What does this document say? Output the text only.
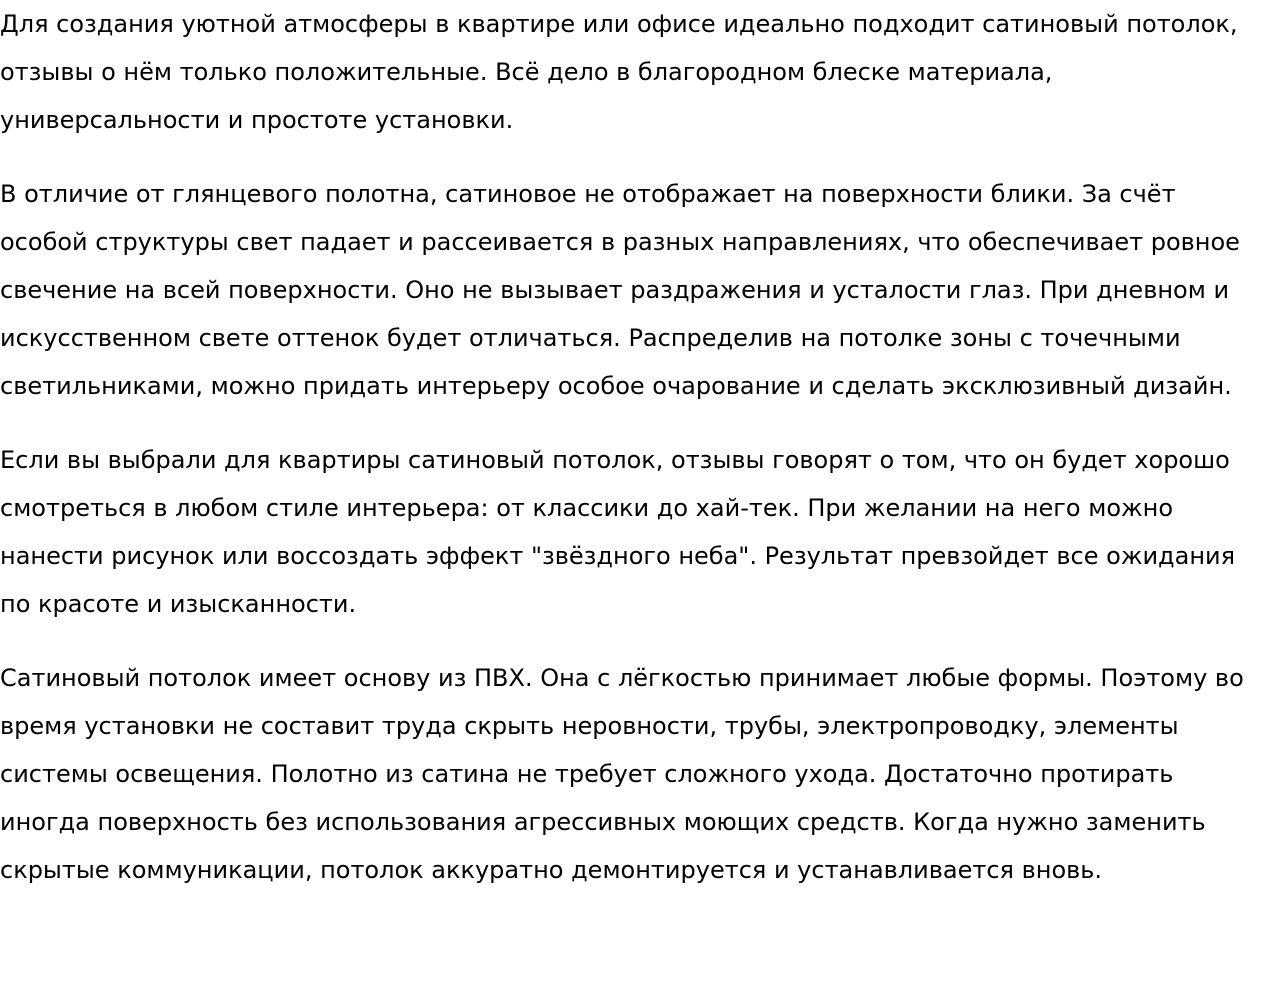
Для создания уютной атмосферы в квартире или офисе идеально подходит сатиновый потолок, отзывы о нём только положительные. Всё дело в благородном блеске материала, универсальности и простоте установки.

В отличие от глянцевого полотна, сатиновое не отображает на поверхности блики. За счёт особой структуры свет падает и рассеивается в разных направлениях, что обеспечивает ровное свечение на всей поверхности. Оно не вызывает раздражения и усталости глаз. При дневном и искусственном свете оттенок будет отличаться. Распределив на потолке зоны с точечными светильниками, можно придать интерьеру особое очарование и сделать эксклюзивный дизайн.

Если вы выбрали для квартиры сатиновый потолок, отзывы говорят о том, что он будет хорошо смотреться в любом стиле интерьера: от классики до хай-тек. При желании на него можно нанести рисунок или воссоздать эффект "звёздного неба". Результат превзойдет все ожидания по красоте и изысканности.

Сатиновый потолок имеет основу из ПВХ. Она с лёгкостью принимает любые формы. Поэтому во время установки не составит труда скрыть неровности, трубы, электропроводку, элементы системы освещения. Полотно из сатина не требует сложного ухода. Достаточно протирать иногда поверхность без использования агрессивных моющих средств. Когда нужно заменить скрытые коммуникации, потолок аккуратно демонтируется и устанавливается вновь.
